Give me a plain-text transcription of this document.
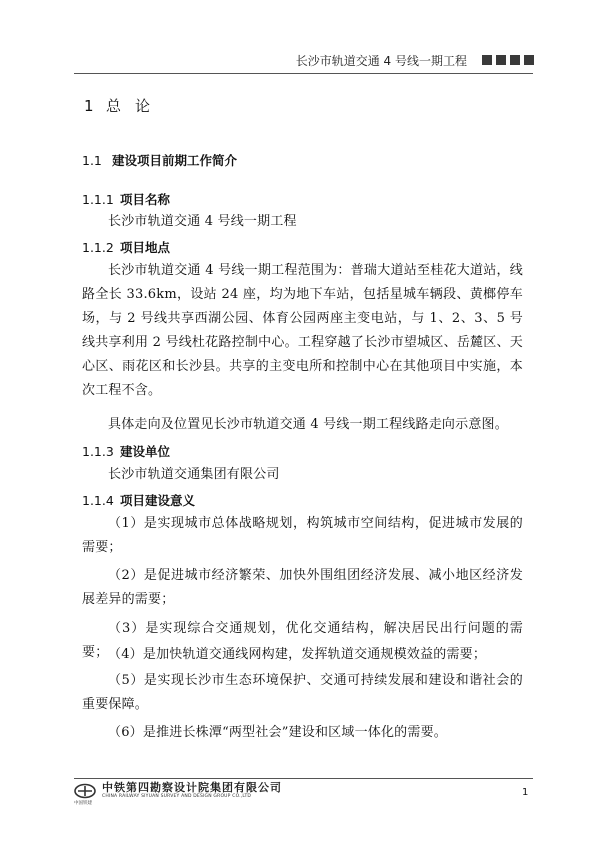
长沙市轨道交通 4 号线一期工程
1 总论
1.1 建设项目前期工作简介
1.1.1 项目名称
长沙市轨道交通 4 号线一期工程
1.1.2 项目地点
长沙市轨道交通 4 号线一期工程范围为：普瑞大道站至桂花大道站，线路全长 33.6km，设站 24 座，均为地下车站，包括星城车辆段、黄榔停车场，与 2 号线共享西湖公园、体育公园两座主变电站，与 1、2、3、5 号线共享利用 2 号线杜花路控制中心。工程穿越了长沙市望城区、岳麓区、天心区、雨花区和长沙县。共享的主变电所和控制中心在其他项目中实施，本次工程不含。
具体走向及位置见长沙市轨道交通 4 号线一期工程线路走向示意图。
1.1.3 建设单位
长沙市轨道交通集团有限公司
1.1.4 项目建设意义
（1）是实现城市总体战略规划，构筑城市空间结构，促进城市发展的需要；
（2）是促进城市经济繁荣、加快外围组团经济发展、减小地区经济发展差异的需要；
（3）是实现综合交通规划，优化交通结构，解决居民出行问题的需要； （4）是加快轨道交通线网构建，发挥轨道交通规模效益的需要；
（5）是实现长沙市生态环境保护、交通可持续发展和建设和谐社会的重要保障。
（6）是推进长株潭“两型社会”建设和区域一体化的需要。
中国铁建
中铁第四勘察设计院集团有限公司
CHINA RAILWAY SIYUAN SURVEY AND DESIGN GROUP CO.,LTD	1
